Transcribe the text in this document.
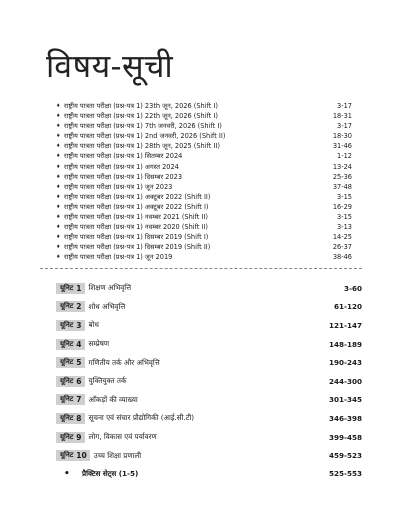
विषय-सूची
♦ राष्ट्रीय पात्रता परीक्षा (प्रश्न-पत्र 1) 23th जून, 2026 (Shift I)	3-17
♦ राष्ट्रीय पात्रता परीक्षा (प्रश्न-पत्र 1) 22th जून, 2026 (Shift I)	18-31
♦ राष्ट्रीय पात्रता परीक्षा (प्रश्न-पत्र 1) 7th जनवरी, 2026 (Shift I)	3-17
♦ राष्ट्रीय पात्रता परीक्षा (प्रश्न-पत्र 1) 2nd जनवरी, 2026 (Shift II)	18-30
♦ राष्ट्रीय पात्रता परीक्षा (प्रश्न-पत्र 1) 28th जून, 2025 (Shift II)	31-46
♦ राष्ट्रीय पात्रता परीक्षा (प्रश्न-पत्र 1) सितम्बर 2024	1-12
♦ राष्ट्रीय पात्रता परीक्षा (प्रश्न-पत्र 1) अगस्त 2024	13-24
♦ राष्ट्रीय पात्रता परीक्षा (प्रश्न-पत्र 1) दिसम्बर 2023	25-36
♦ राष्ट्रीय पात्रता परीक्षा (प्रश्न-पत्र 1) जून 2023	37-48
♦ राष्ट्रीय पात्रता परीक्षा (प्रश्न-पत्र 1) अक्टूबर 2022 (Shift II)	3-15
♦ राष्ट्रीय पात्रता परीक्षा (प्रश्न-पत्र 1) अक्टूबर 2022 (Shift I)	16-29
♦ राष्ट्रीय पात्रता परीक्षा (प्रश्न-पत्र 1) नवम्बर 2021 (Shift II)	3-15
♦ राष्ट्रीय पात्रता परीक्षा (प्रश्न-पत्र 1) नवम्बर 2020 (Shift II)	3-13
♦ राष्ट्रीय पात्रता परीक्षा (प्रश्न-पत्र 1) दिसम्बर 2019 (Shift I)	14-25
♦ राष्ट्रीय पात्रता परीक्षा (प्रश्न-पत्र 1) दिसम्बर 2019 (Shift II)	26-37
♦ राष्ट्रीय पात्रता परीक्षा (प्रश्न-पत्र 1) जून 2019	38-46
यूनिट 1 शिक्षण अभिवृत्ति	3-60
यूनिट 2 शोध अभिवृत्ति	61-120
यूनिट 3 बोध	121-147
यूनिट 4 सम्प्रेषण	148-189
यूनिट 5 गणितीय तर्क और अभिवृत्ति	190-243
यूनिट 6 युक्तियुक्त तर्क	244-300
यूनिट 7 आँकड़ों की व्याख्या	301-345
यूनिट 8 सूचना एवं संचार प्रौद्योगिकी (आई.सी.टी)	346-398
यूनिट 9 लोग, विकास एवं पर्यावरण	399-458
यूनिट 10 उच्च शिक्षा प्रणाली	459-523
•	प्रैक्टिस सेट्स (1-5)	525-553
